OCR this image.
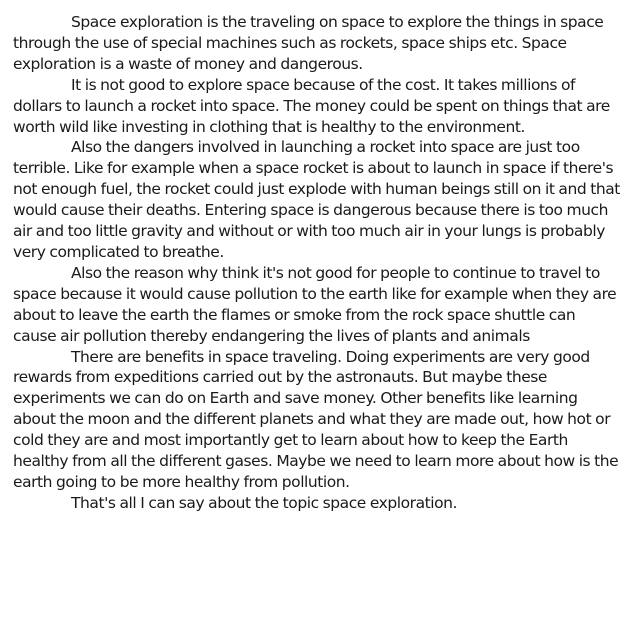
Space exploration is the traveling on space to explore the things in space through the use of special machines such as rockets, space ships etc. Space exploration is a waste of money and dangerous.

It is not good to explore space because of the cost. It takes millions of dollars to launch a rocket into space. The money could be spent on things that are worth wild like investing in clothing that is healthy to the environment.

Also the dangers involved in launching a rocket into space are just too terrible. Like for example when a space rocket is about to launch in space if there's not enough fuel, the rocket could just explode with human beings still on it and that would cause their deaths. Entering space is dangerous because there is too much air and too little gravity and without or with too much air in your lungs is probably very complicated to breathe.

Also the reason why think it's not good for people to continue to travel to space because it would cause pollution to the earth like for example when they are about to leave the earth the flames or smoke from the rock space shuttle can cause air pollution thereby endangering the lives of plants and animals

There are benefits in space traveling. Doing experiments are very good rewards from expeditions carried out by the astronauts. But maybe these experiments we can do on Earth and save money. Other benefits like learning about the moon and the different planets and what they are made out, how hot or cold they are and most importantly get to learn about how to keep the Earth healthy from all the different gases. Maybe we need to learn more about how is the earth going to be more healthy from pollution.

That's all I can say about the topic space exploration.
